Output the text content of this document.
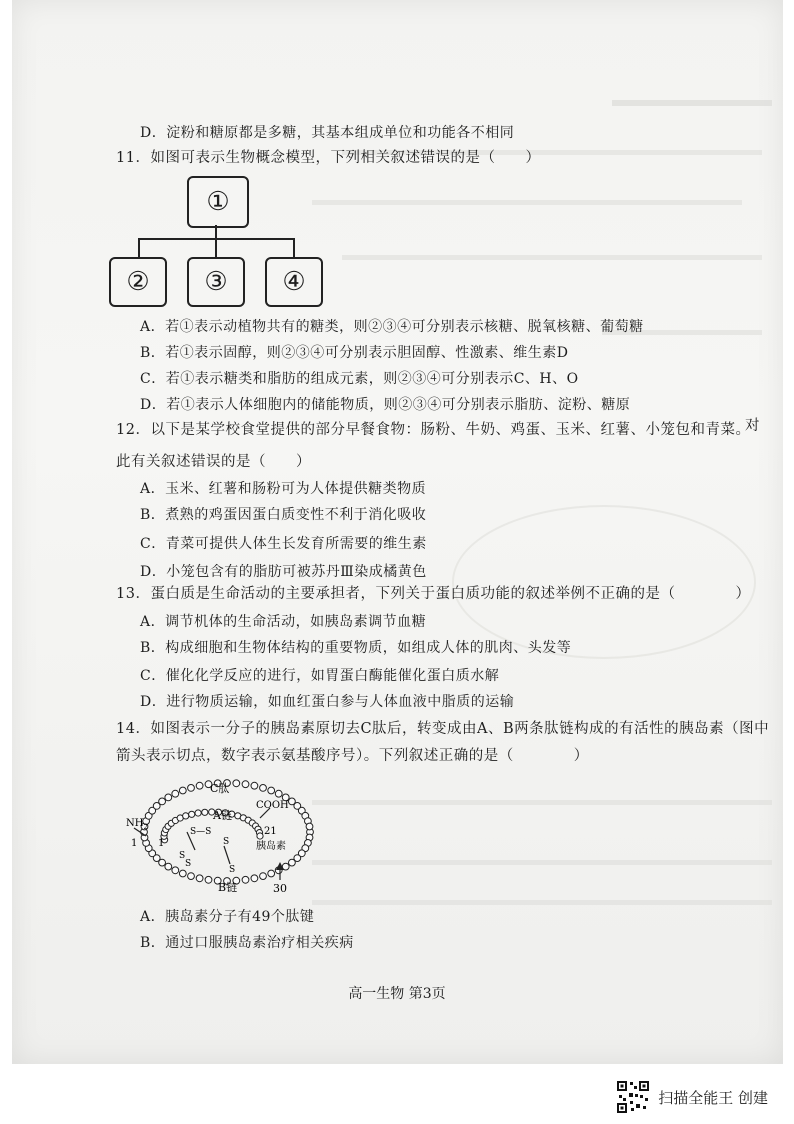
D．淀粉和糖原都是多糖，其基本组成单位和功能各不相同
11．如图可表示生物概念模型，下列相关叙述错误的是（　　）
①
②	③	④
A．若①表示动植物共有的糖类，则②③④可分别表示核糖、脱氧核糖、葡萄糖
B．若①表示固醇，则②③④可分别表示胆固醇、性激素、维生素D
C．若①表示糖类和脂肪的组成元素，则②③④可分别表示C、H、O
D．若①表示人体细胞内的储能物质，则②③④可分别表示脂肪、淀粉、糖原
12．以下是某学校食堂提供的部分早餐食物：肠粉、牛奶、鸡蛋、玉米、红薯、小笼包和青菜。
对
此有关叙述错误的是（　　）
A．玉米、红薯和肠粉可为人体提供糖类物质
B．煮熟的鸡蛋因蛋白质变性不利于消化吸收
C．青菜可提供人体生长发育所需要的维生素
D．小笼包含有的脂肪可被苏丹Ⅲ染成橘黄色
13．蛋白质是生命活动的主要承担者，下列关于蛋白质功能的叙述举例不正确的是（　　　　）
A．调节机体的生命活动，如胰岛素调节血糖
B．构成细胞和生物体结构的重要物质，如组成人体的肌肉、头发等
C．催化化学反应的进行，如胃蛋白酶能催化蛋白质水解
D．进行物质运输，如血红蛋白参与人体血液中脂质的运输
14．如图表示一分子的胰岛素原切去C肽后，转变成由A、B两条肽链构成的有活性的胰岛素（图中
箭头表示切点，数字表示氨基酸序号）。下列叙述正确的是（　　　　）
C肽
A链
COOH
$NH_2$
1 1
21
胰岛素
S—S
S
S
S
S
B链	30
A．胰岛素分子有49个肽键
B．通过口服胰岛素治疗相关疾病
高一生物 第3页
扫描全能王 创建
